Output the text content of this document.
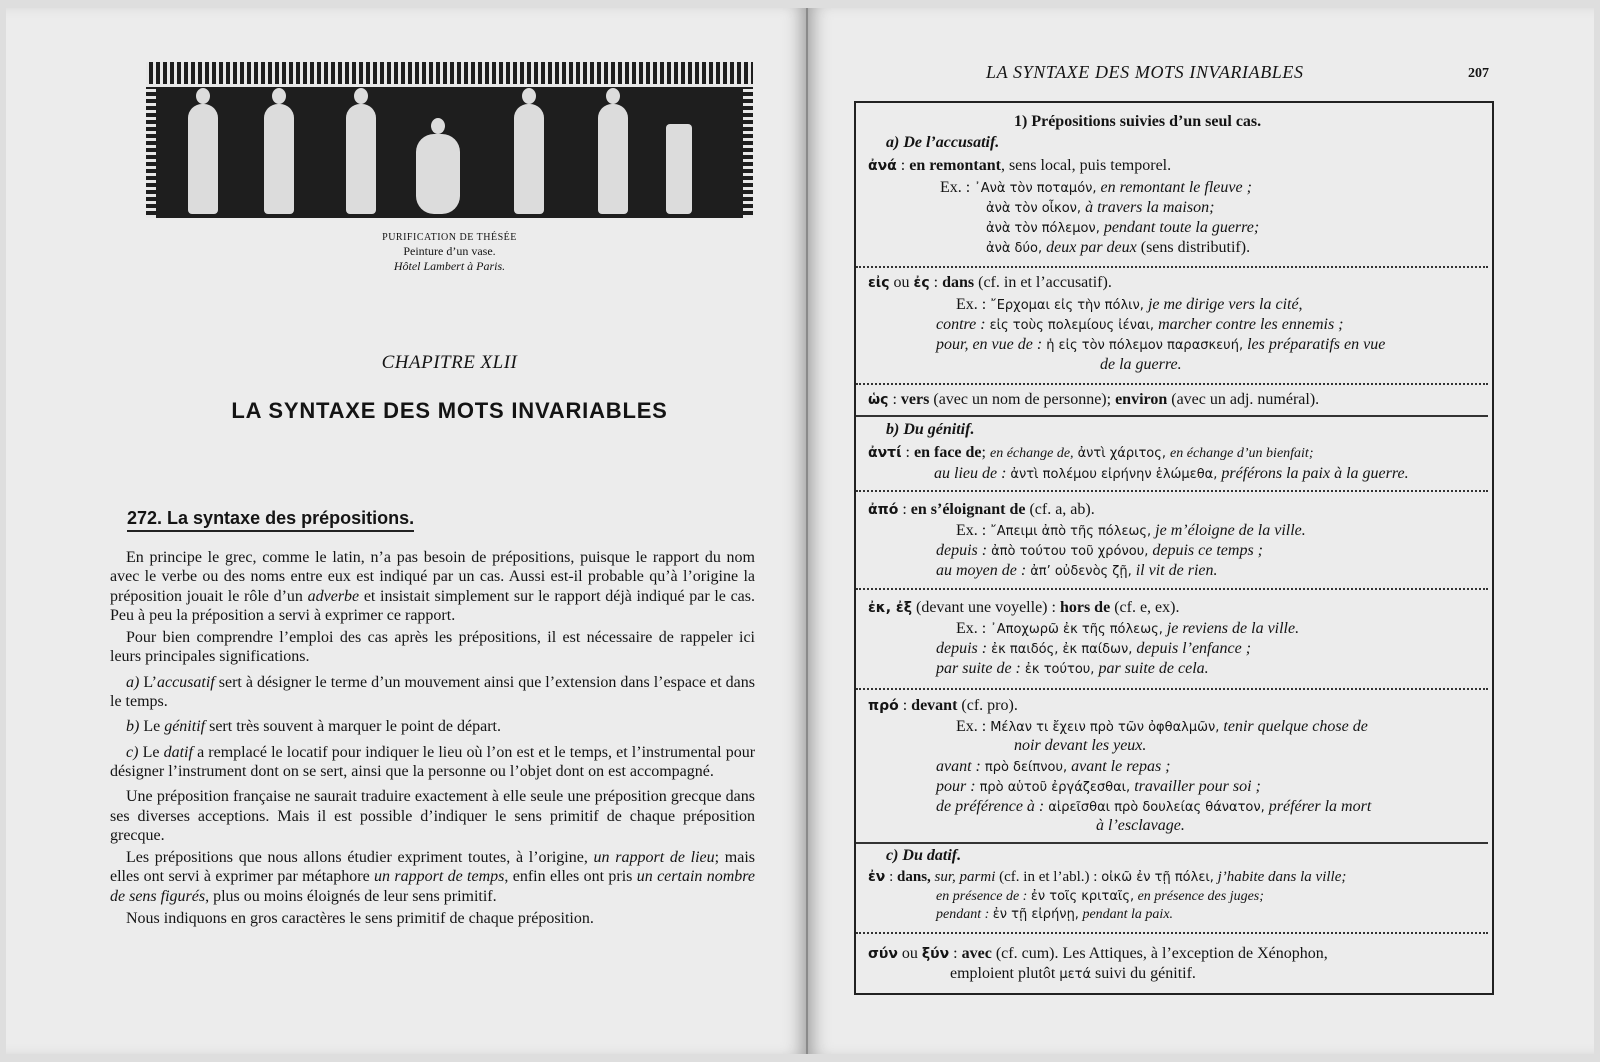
PURIFICATION DE THÉSÉE
Peinture d’un vase.
Hôtel Lambert à Paris.
CHAPITRE XLII
LA SYNTAXE DES MOTS INVARIABLES
272. La syntaxe des prépositions.

En principe le grec, comme le latin, n’a pas besoin de prépositions, puisque le rapport du nom avec le verbe ou des noms entre eux est indiqué par un cas. Aussi est-il probable qu’à l’origine la préposition jouait le rôle d’un adverbe et insistait simplement sur le rapport déjà indiqué par le cas. Peu à peu la préposition a servi à exprimer ce rapport.

Pour bien comprendre l’emploi des cas après les prépositions, il est nécessaire de rappeler ici leurs principales significations.

a) L’accusatif sert à désigner le terme d’un mouvement ainsi que l’extension dans l’espace et dans le temps.

b) Le génitif sert très souvent à marquer le point de départ.

c) Le datif a remplacé le locatif pour indiquer le lieu où l’on est et le temps, et l’instrumental pour désigner l’instrument dont on se sert, ainsi que la personne ou l’objet dont on est accompagné.

Une préposition française ne saurait traduire exactement à elle seule une préposition grecque dans ses diverses acceptions. Mais il est possible d’indiquer le sens primitif de chaque préposition grecque.

Les prépositions que nous allons étudier expriment toutes, à l’origine, un rapport de lieu; mais elles ont servi à exprimer par métaphore un rapport de temps, enfin elles ont pris un certain nombre de sens figurés, plus ou moins éloignés de leur sens primitif.

Nous indiquons en gros caractères le sens primitif de chaque préposition.

LA SYNTAXE DES MOTS INVARIABLES	207
1) Prépositions suivies d’un seul cas.
a) De l’accusatif.
ἀνά : en remontant, sens local, puis temporel.
Ex. : ᾿Ανὰ τὸν ποταμόν, en remontant le fleuve ;
ἀνὰ τὸν οἶκον, à travers la maison;
ἀνὰ τὸν πόλεμον, pendant toute la guerre;
ἀνὰ δύο, deux par deux (sens distributif).
εἰς ou ἐς : dans (cf. in et l’accusatif).
Ex. : ῎Ερχομαι εἰς τὴν πόλιν, je me dirige vers la cité,
contre : εἰς τοὺς πολεμίους ἰέναι, marcher contre les ennemis ;
pour, en vue de : ἡ εἰς τὸν πόλεμον παρασκευή, les préparatifs en vue
de la guerre.
ὡς : vers (avec un nom de personne); environ (avec un adj. numéral).
b) Du génitif.
ἀντί : en face de; en échange de, ἀντὶ χάριτος, en échange d’un bienfait;
au lieu de : ἀντὶ πολέμου εἰρήνην ἑλώμεθα, préférons la paix à la guerre.
ἀπό : en s’éloignant de (cf. a, ab).
Ex. : ῎Απειμι ἀπὸ τῆς πόλεως, je m’éloigne de la ville.
depuis : ἀπὸ τούτου τοῦ χρόνου, depuis ce temps ;
au moyen de : ἀπ’ οὐδενὸς ζῇ, il vit de rien.
ἐκ, ἐξ (devant une voyelle) : hors de (cf. e, ex).
Ex. : ᾿Αποχωρῶ ἐκ τῆς πόλεως, je reviens de la ville.
depuis : ἐκ παιδός, ἐκ παίδων, depuis l’enfance ;
par suite de : ἐκ τούτου, par suite de cela.
πρό : devant (cf. pro).
Ex. : Μέλαν τι ἔχειν πρὸ τῶν ὀφθαλμῶν, tenir quelque chose de
noir devant les yeux.
avant : πρὸ δείπνου, avant le repas ;
pour : πρὸ αὑτοῦ ἐργάζεσθαι, travailler pour soi ;
de préférence à : αἱρεῖσθαι πρὸ δουλείας θάνατον, préférer la mort
à l’esclavage.
c) Du datif.
ἐν : dans, sur, parmi (cf. in et l’abl.) : οἰκῶ ἐν τῇ πόλει, j’habite dans la ville;
en présence de : ἐν τοῖς κριταῖς, en présence des juges;
pendant : ἐν τῇ εἰρήνῃ, pendant la paix.
σύν ou ξύν : avec (cf. cum). Les Attiques, à l’exception de Xénophon,
emploient plutôt μετά suivi du génitif.
